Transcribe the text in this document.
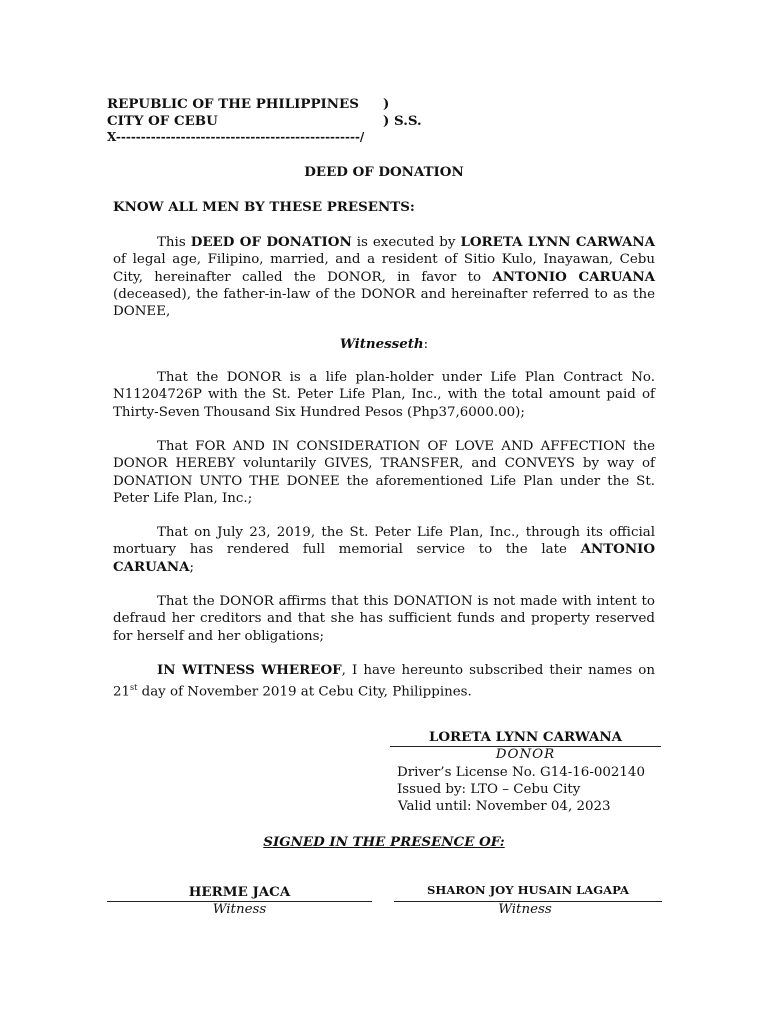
REPUBLIC OF THE PHILIPPINES )
CITY OF CEBU	) S.S.
X-------------------------------------------------/
DEED OF DONATION
KNOW ALL MEN BY THESE PRESENTS:
This DEED OF DONATION is executed by LORETA LYNN CARWANA of legal age, Filipino, married, and a resident of Sitio Kulo, Inayawan, Cebu City, hereinafter called the DONOR, in favor to ANTONIO CARUANA (deceased), the father-in-law of the DONOR and hereinafter referred to as the DONEE,
Witnesseth:
That the DONOR is a life plan-holder under Life Plan Contract No. N11204726P with the St. Peter Life Plan, Inc., with the total amount paid of Thirty-Seven Thousand Six Hundred Pesos (Php37,6000.00);
That FOR AND IN CONSIDERATION OF LOVE AND AFFECTION the DONOR HEREBY voluntarily GIVES, TRANSFER, and CONVEYS by way of DONATION UNTO THE DONEE the aforementioned Life Plan under the St. Peter Life Plan, Inc.;
That on July 23, 2019, the St. Peter Life Plan, Inc., through its official mortuary has rendered full memorial service to the late ANTONIO CARUANA;
That the DONOR affirms that this DONATION is not made with intent to defraud her creditors and that she has sufficient funds and property reserved for herself and her obligations;
IN WITNESS WHEREOF, I have hereunto subscribed their names on 21st day of November 2019 at Cebu City, Philippines.
LORETA LYNN CARWANA
DONOR
Driver’s License No. G14-16-002140
Issued by: LTO – Cebu City
Valid until: November 04, 2023
SIGNED IN THE PRESENCE OF:
HERME JACA
Witness
SHARON JOY HUSAIN LAGAPA
Witness
